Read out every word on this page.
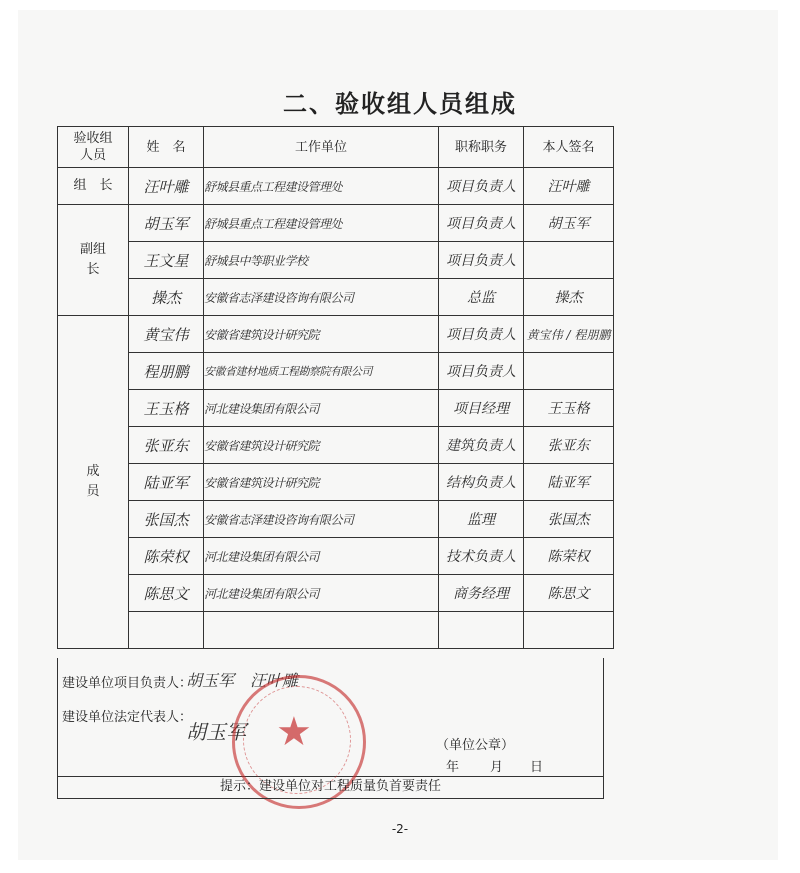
二、验收组人员组成
验收组人员	姓　名	工作单位	职称职务	本人签名
组　长	汪叶雕	舒城县重点工程建设管理处	项目负责人	汪叶雕
副组长	胡玉军	舒城县重点工程建设管理处	项目负责人	胡玉军
	王文星	舒城县中等职业学校	项目负责人	
	操杰	安徽省志泽建设咨询有限公司	总监	操杰
成　员	黄宝伟	安徽省建筑设计研究院	项目负责人	黄宝伟 / 程朋鹏
	程朋鹏	安徽省建材地质工程勘察院有限公司	项目负责人	
	王玉格	河北建设集团有限公司	项目经理	王玉格
	张亚东	安徽省建筑设计研究院	建筑负责人	张亚东
	陆亚军	安徽省建筑设计研究院	结构负责人	陆亚军
	张国杰	安徽省志泽建设咨询有限公司	监理	张国杰
	陈荣权	河北建设集团有限公司	技术负责人	陈荣权
	陈思文	河北建设集团有限公司	商务经理	陈思文

建设单位项目负责人：
胡玉军　汪叶雕
建设单位法定代表人：
胡玉军
（单位公章）
年 月 日
★
提示：建设单位对工程质量负首要责任
-2-
